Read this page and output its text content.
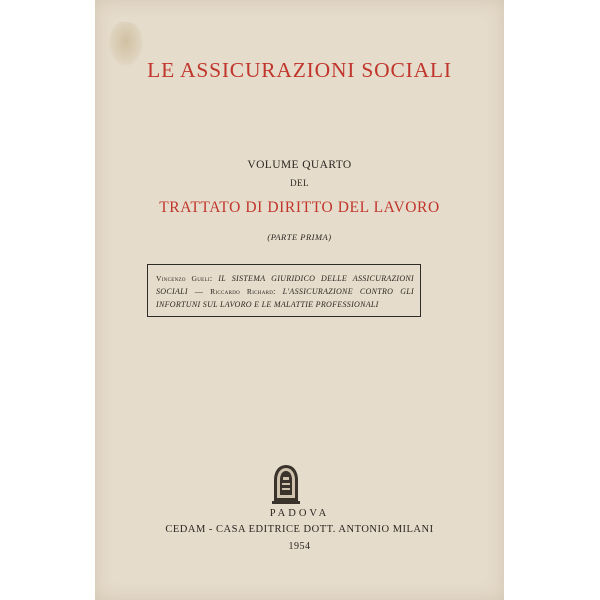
LE ASSICURAZIONI SOCIALI
VOLUME QUARTO
DEL
TRATTATO DI DIRITTO DEL LAVORO
(PARTE PRIMA)
Vincenzo Gueli: IL SISTEMA GIURIDICO DELLE ASSICURAZIONI SOCIALI — Riccardo Richard: L'ASSICURAZIONE CONTRO GLI INFORTUNI SUL LAVORO E LE MALATTIE PROFESSIONALI
PADOVA
CEDAM - CASA EDITRICE DOTT. ANTONIO MILANI
1954
